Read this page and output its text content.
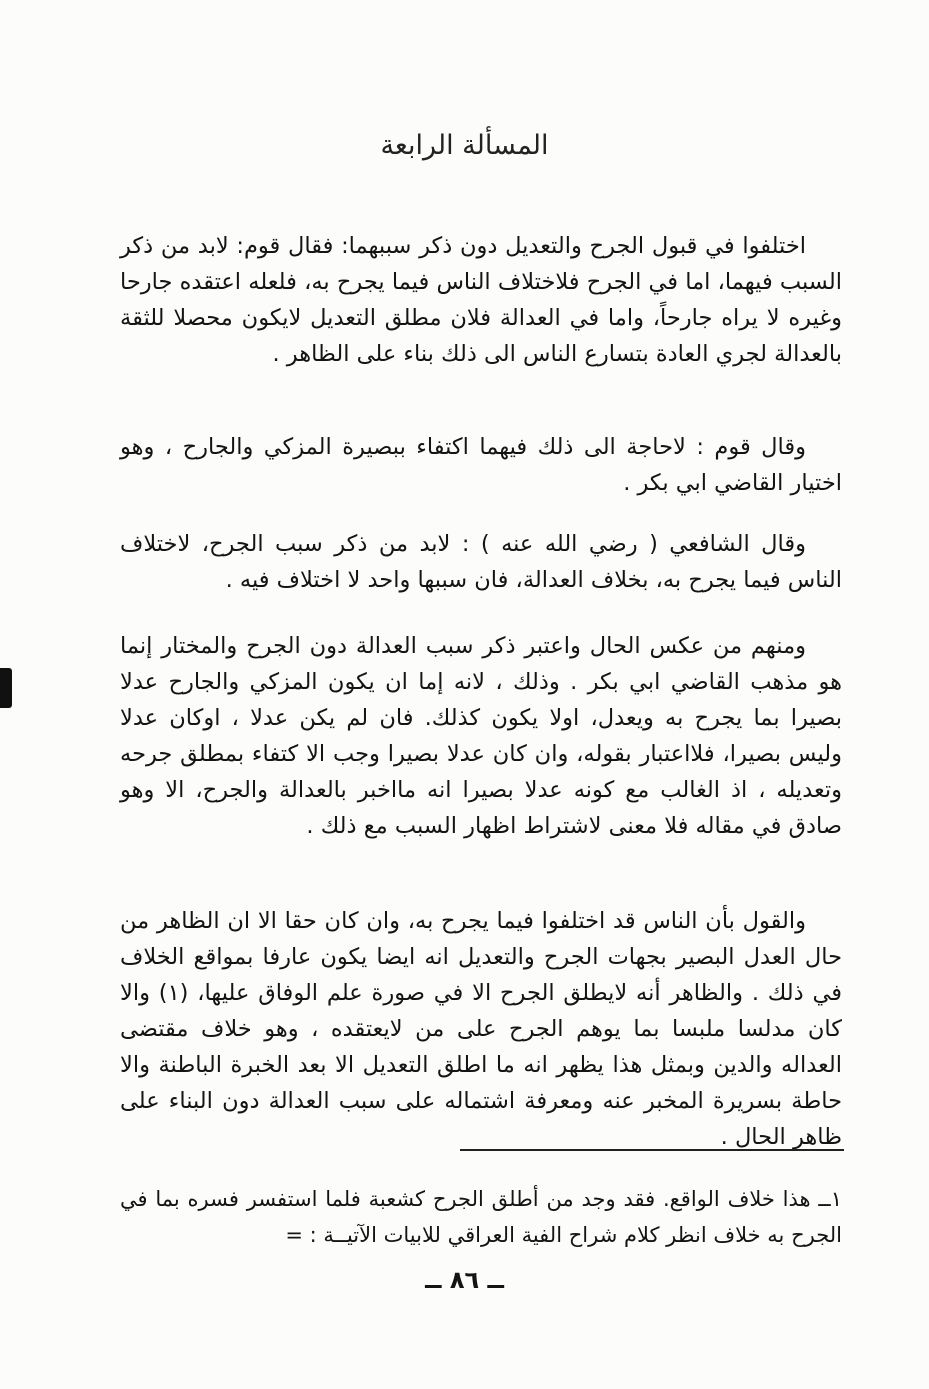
المسألة الرابعة

اختلفوا في قبول الجرح والتعديل دون ذكر سببهما: فقال قوم: لابد من ذكر السبب فيهما، اما في الجرح فلاختلاف الناس فيما يجرح به، فلعله اعتقده جارحا وغيره لا يراه جارحاً، واما في العدالة فلان مطلق التعديل لايكون محصلا للثقة بالعدالة لجري العادة بتسارع الناس الى ذلك بناء على الظاهر .

وقال قوم : لاحاجة الى ذلك فيهما اكتفاء ببصيرة المزكي والجارح ، وهو اختيار القاضي ابي بكر .

وقال الشافعي ( رضي الله عنه ) : لابد من ذكر سبب الجرح، لاختلاف الناس فيما يجرح به، بخلاف العدالة، فان سببها واحد لا اختلاف فيه .

ومنهم من عكس الحال واعتبر ذكر سبب العدالة دون الجرح والمختار إنما هو مذهب القاضي ابي بكر . وذلك ، لانه إما ان يكون المزكي والجارح عدلا بصيرا بما يجرح به ويعدل، اولا يكون كذلك. فان لم يكن عدلا ، اوكان عدلا وليس بصيرا، فلااعتبار بقوله، وان كان عدلا بصيرا وجب الا كتفاء بمطلق جرحه وتعديله ، اذ الغالب مع كونه عدلا بصيرا انه مااخبر بالعدالة والجرح، الا وهو صادق في مقاله فلا معنى لاشتراط اظهار السبب مع ذلك .

والقول بأن الناس قد اختلفوا فيما يجرح به، وان كان حقا الا ان الظاهر من حال العدل البصير بجهات الجرح والتعديل انه ايضا يكون عارفا بمواقع الخلاف في ذلك . والظاهر أنه لايطلق الجرح الا في صورة علم الوفاق عليها، (١) والا كان مدلسا ملبسا بما يوهم الجرح على من لايعتقده ، وهو خلاف مقتضى العداله والدين وبمثل هذا يظهر انه ما اطلق التعديل الا بعد الخبرة الباطنة والا حاطة بسريرة المخبر عنه ومعرفة اشتماله على سبب العدالة دون البناء على ظاهر الحال .

١ــ هذا خلاف الواقع. فقد وجد من أطلق الجرح كشعبة فلما استفسر فسره بما في الجرح به خلاف انظر كلام شراح الفية العراقي للابيات الآتيــة : =

ــ ٨٦ ــ
